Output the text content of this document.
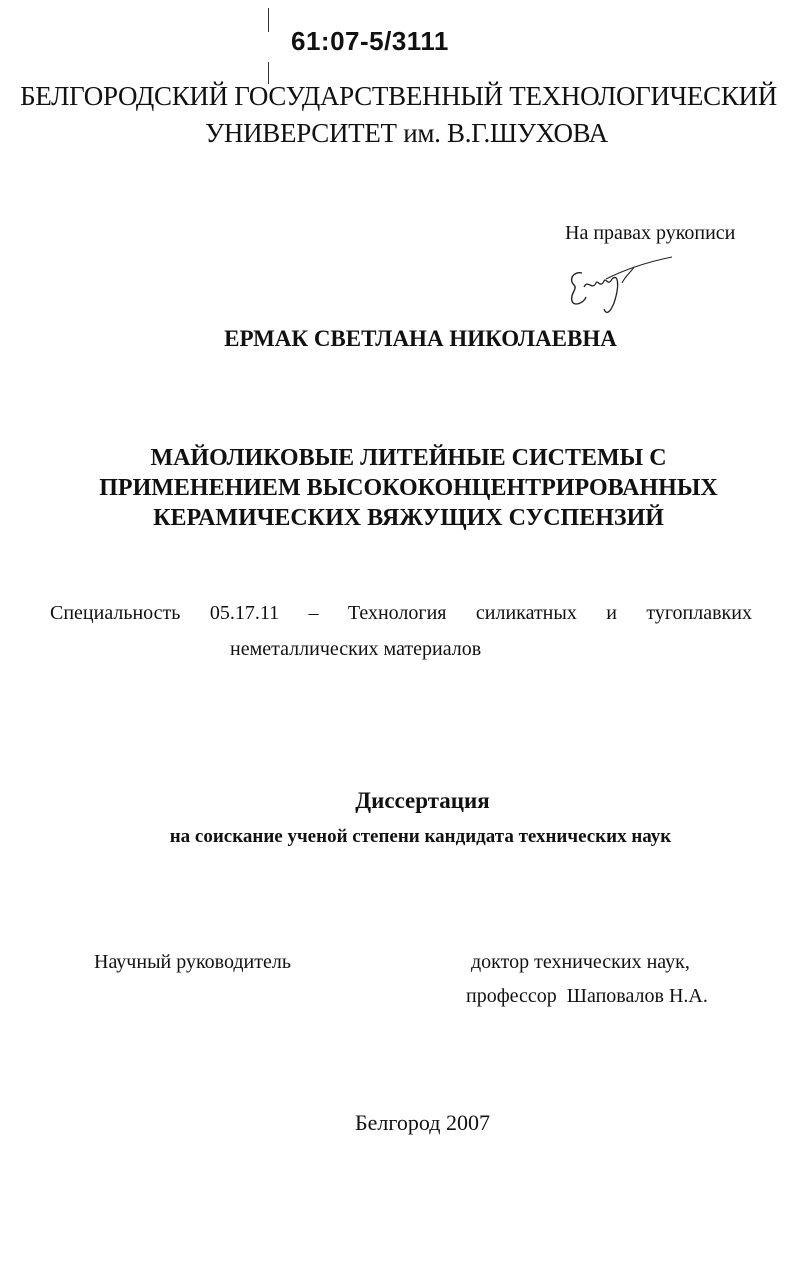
61:07-5/3111
БЕЛГОРОДСКИЙ ГОСУДАРСТВЕННЫЙ ТЕХНОЛОГИЧЕСКИЙ
УНИВЕРСИТЕТ им. В.Г.ШУХОВА
На правах рукописи
ЕРМАК СВЕТЛАНА НИКОЛАЕВНА
МАЙОЛИКОВЫЕ ЛИТЕЙНЫЕ СИСТЕМЫ С
ПРИМЕНЕНИЕМ ВЫСОКОКОНЦЕНТРИРОВАННЫХ
КЕРАМИЧЕСКИХ ВЯЖУЩИХ СУСПЕНЗИЙ
Специальность 05.17.11 – Технология силикатных и тугоплавких
неметаллических материалов
Диссертация
на соискание ученой степени кандидата технических наук
Научный руководитель	доктор технических наук,
профессор  Шаповалов Н.А.
Белгород 2007
